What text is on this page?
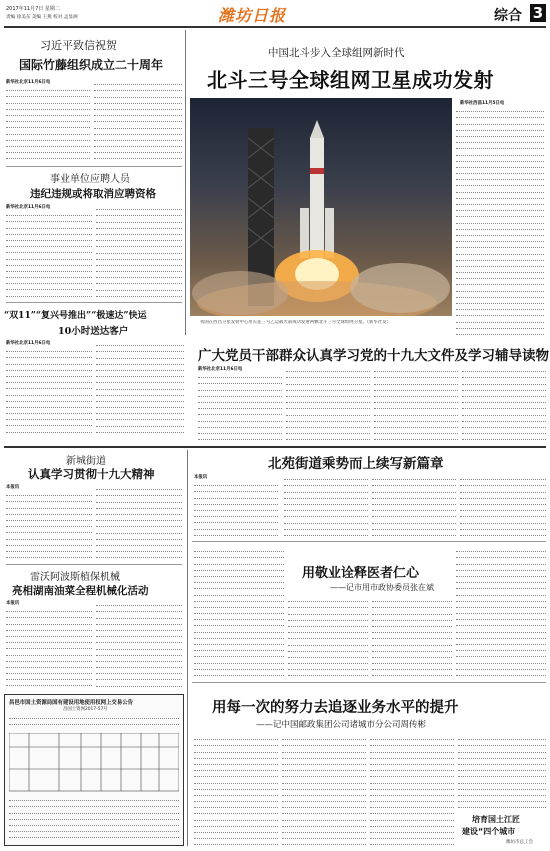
2017年11月7日 星期二
责编 徐美东 美编 王燕 校对 孟显洲	潍坊日报	综合 3
习近平致信祝贺
国际竹藤组织成立二十周年
新华社北京11月6日电
事业单位应聘人员
违纪违规或将取消应聘资格
新华社北京11月6日电
“双11”“复兴号推出”“极速达”快运
10小时送达客户
新华社北京11月6日电
中国北斗步入全球组网新时代
北斗三号全球组网卫星成功发射
我国在西昌卫星发射中心用长征三号乙运载火箭成功发射两颗北斗三号全球组网卫星。（新华社发）
新华社西昌11月5日电
广大党员干部群众认真学习党的十九大文件及学习辅导读物
新华社北京11月6日电
新城街道
认真学习贯彻十九大精神
本报讯
雷沃阿波斯植保机械
亮相湖南油菜全程机械化活动
本报讯
昌邑市国土资源局国有建设用地使用权网上交易公告
昌国土资网2017-57号
北苑街道乘势而上续写新篇章
本报讯
用敬业诠释医者仁心
——记市用市政协委员张在斌
用每一次的努力去追逐业务水平的提升
——记中国邮政集团公司诸城市分公司周传彬
培育国土江匠
建设“四个城市
潍坊市总工会
